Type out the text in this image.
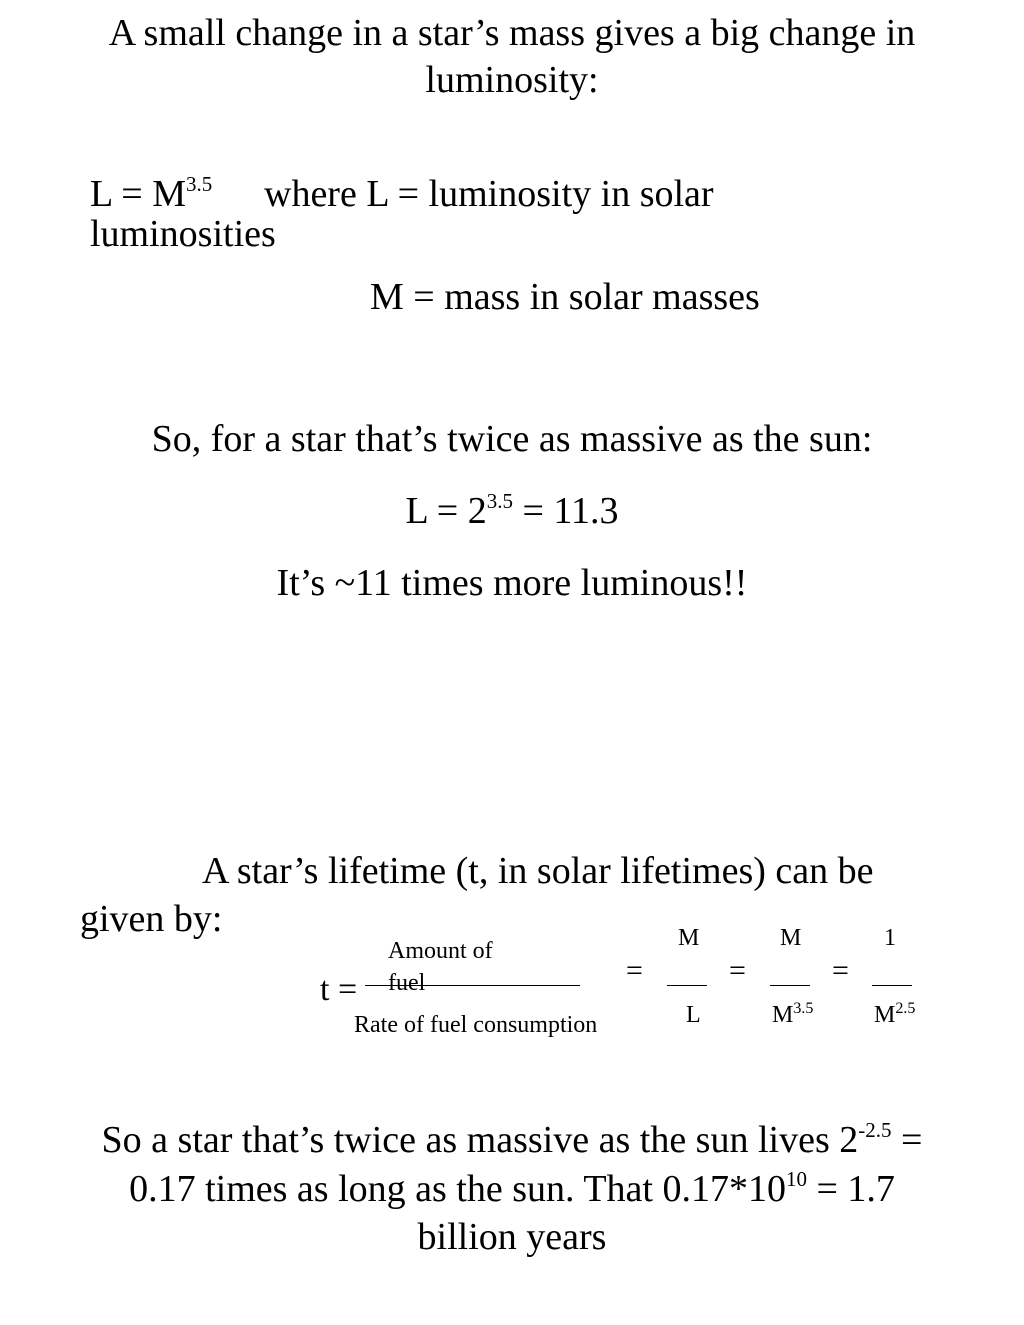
A small change in a star’s mass gives a big change in
luminosity:
$L = M^{3.5}$ where L = luminosity in solar
luminosities
M = mass in solar masses
So, for a star that’s twice as massive as the sun:
$L = 2^{3.5} = 11.3$
It’s ~11 times more luminous!!
A star’s lifetime (t, in solar lifetimes) can be
given by:
t =
Amount of
fuel
Rate of fuel consumption
=
M
L
=
M
$M^{3.5}$
=
1
$M^{2.5}$
So a star that’s twice as massive as the sun lives $2^{-2.5}$ =
0.17 times as long as the sun. That $0.17*10^{10} = 1.7$
billion years
